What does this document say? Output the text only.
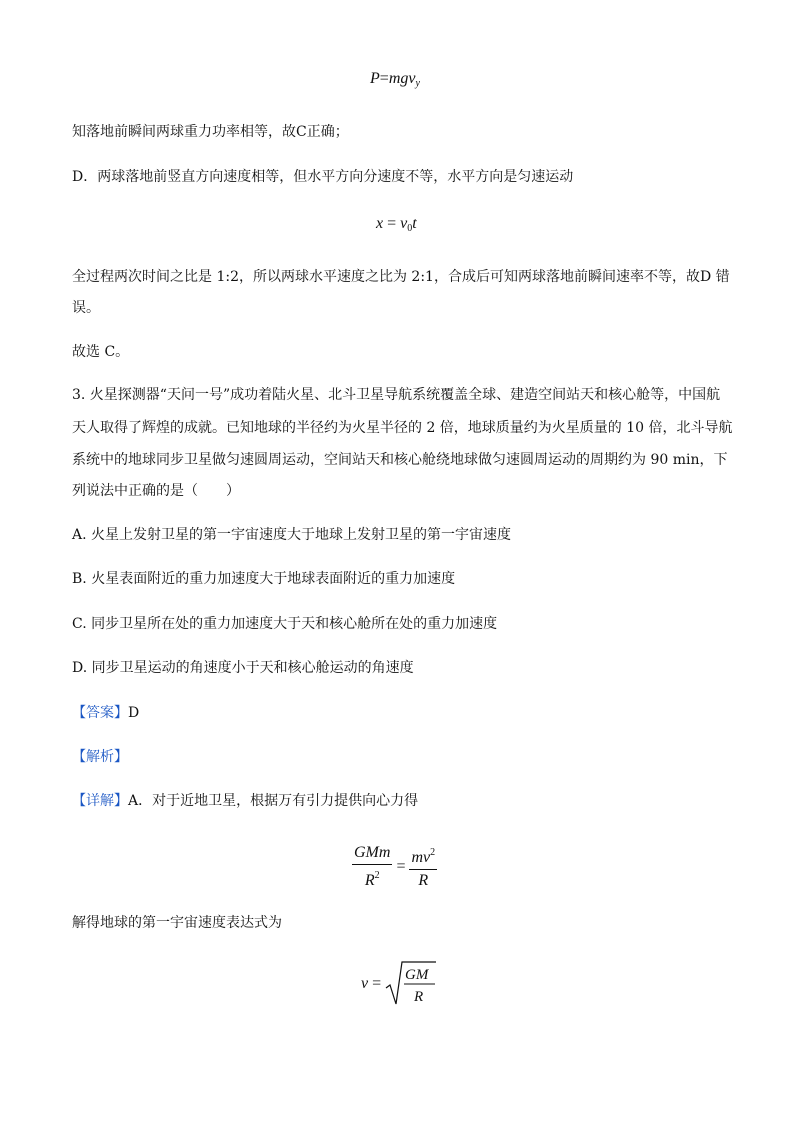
P=mgv$_y$
知落地前瞬间两球重力功率相等，故C正确；
D．两球落地前竖直方向速度相等，但水平方向分速度不等，水平方向是匀速运动
$x = v_0t$
全过程两次时间之比是 1:2，所以两球水平速度之比为 2:1，合成后可知两球落地前瞬间速率不等，故D 错
误。
故选 C。
3. 火星探测器“天问一号”成功着陆火星、北斗卫星导航系统覆盖全球、建造空间站天和核心舱等，中国航
天人取得了辉煌的成就。已知地球的半径约为火星半径的 2 倍，地球质量约为火星质量的 10 倍，北斗导航
系统中的地球同步卫星做匀速圆周运动，空间站天和核心舱绕地球做匀速圆周运动的周期约为 90 min，下
列说法中正确的是（　　）
A. 火星上发射卫星的第一宇宙速度大于地球上发射卫星的第一宇宙速度
B. 火星表面附近的重力加速度大于地球表面附近的重力加速度
C. 同步卫星所在处的重力加速度大于天和核心舱所在处的重力加速度
D. 同步卫星运动的角速度小于天和核心舱运动的角速度
【答案】D
【解析】
【详解】A．对于近地卫星，根据万有引力提供向心力得
$\frac{\text{GMm}}{R^2} = \frac{mv^2}{R}$
解得地球的第一宇宙速度表达式为
v = GM
R
